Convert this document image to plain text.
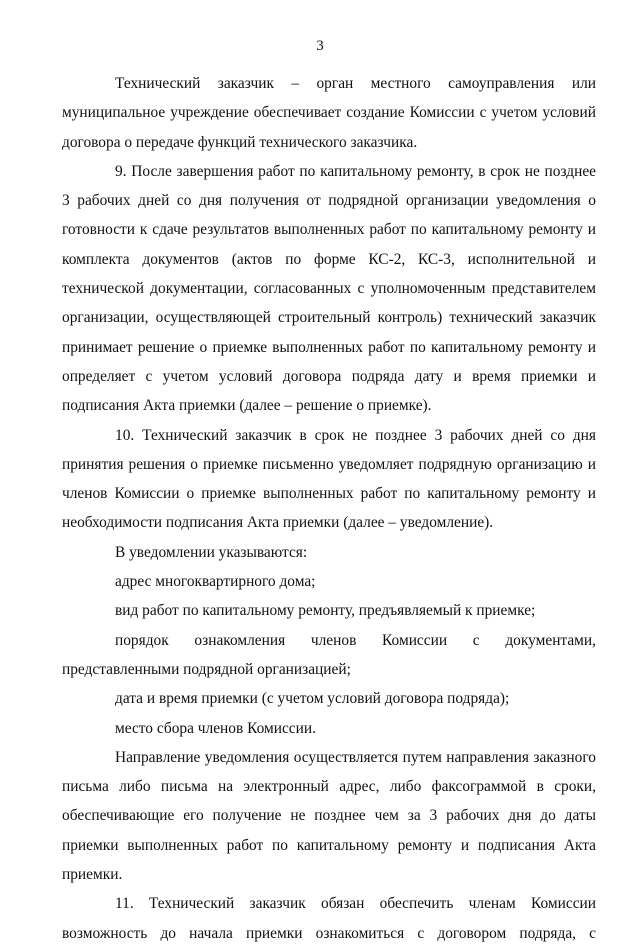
3

Технический заказчик – орган местного самоуправления или муниципальное учреждение обеспечивает создание Комиссии с учетом условий договора о передаче функций технического заказчика.

9. После завершения работ по капитальному ремонту, в срок не позднее 3 рабочих дней со дня получения от подрядной организации уведомления о готовности к сдаче результатов выполненных работ по капитальному ремонту и комплекта документов (актов по форме КС-2, КС-3, исполнительной и технической документации, согласованных с уполномоченным представителем организации, осуществляющей строительный контроль) технический заказчик принимает решение о приемке выполненных работ по капитальному ремонту и определяет с учетом условий договора подряда дату и время приемки и подписания Акта приемки (далее – решение о приемке).

10. Технический заказчик в срок не позднее 3 рабочих дней со дня принятия решения о приемке письменно уведомляет подрядную организацию и членов Комиссии о приемке выполненных работ по капитальному ремонту и необходимости подписания Акта приемки (далее – уведомление).

В уведомлении указываются:

адрес многоквартирного дома;

вид работ по капитальному ремонту, предъявляемый к приемке;

порядок ознакомления членов Комиссии с документами, представленными подрядной организацией;

дата и время приемки (с учетом условий договора подряда);

место сбора членов Комиссии.

Направление уведомления осуществляется путем направления заказного письма либо письма на электронный адрес, либо факсограммой в сроки, обеспечивающие его получение не позднее чем за 3 рабочих дня до даты приемки выполненных работ по капитальному ремонту и подписания Акта приемки.

11. Технический заказчик обязан обеспечить членам Комиссии возможность до начала приемки ознакомиться с договором подряда, с
